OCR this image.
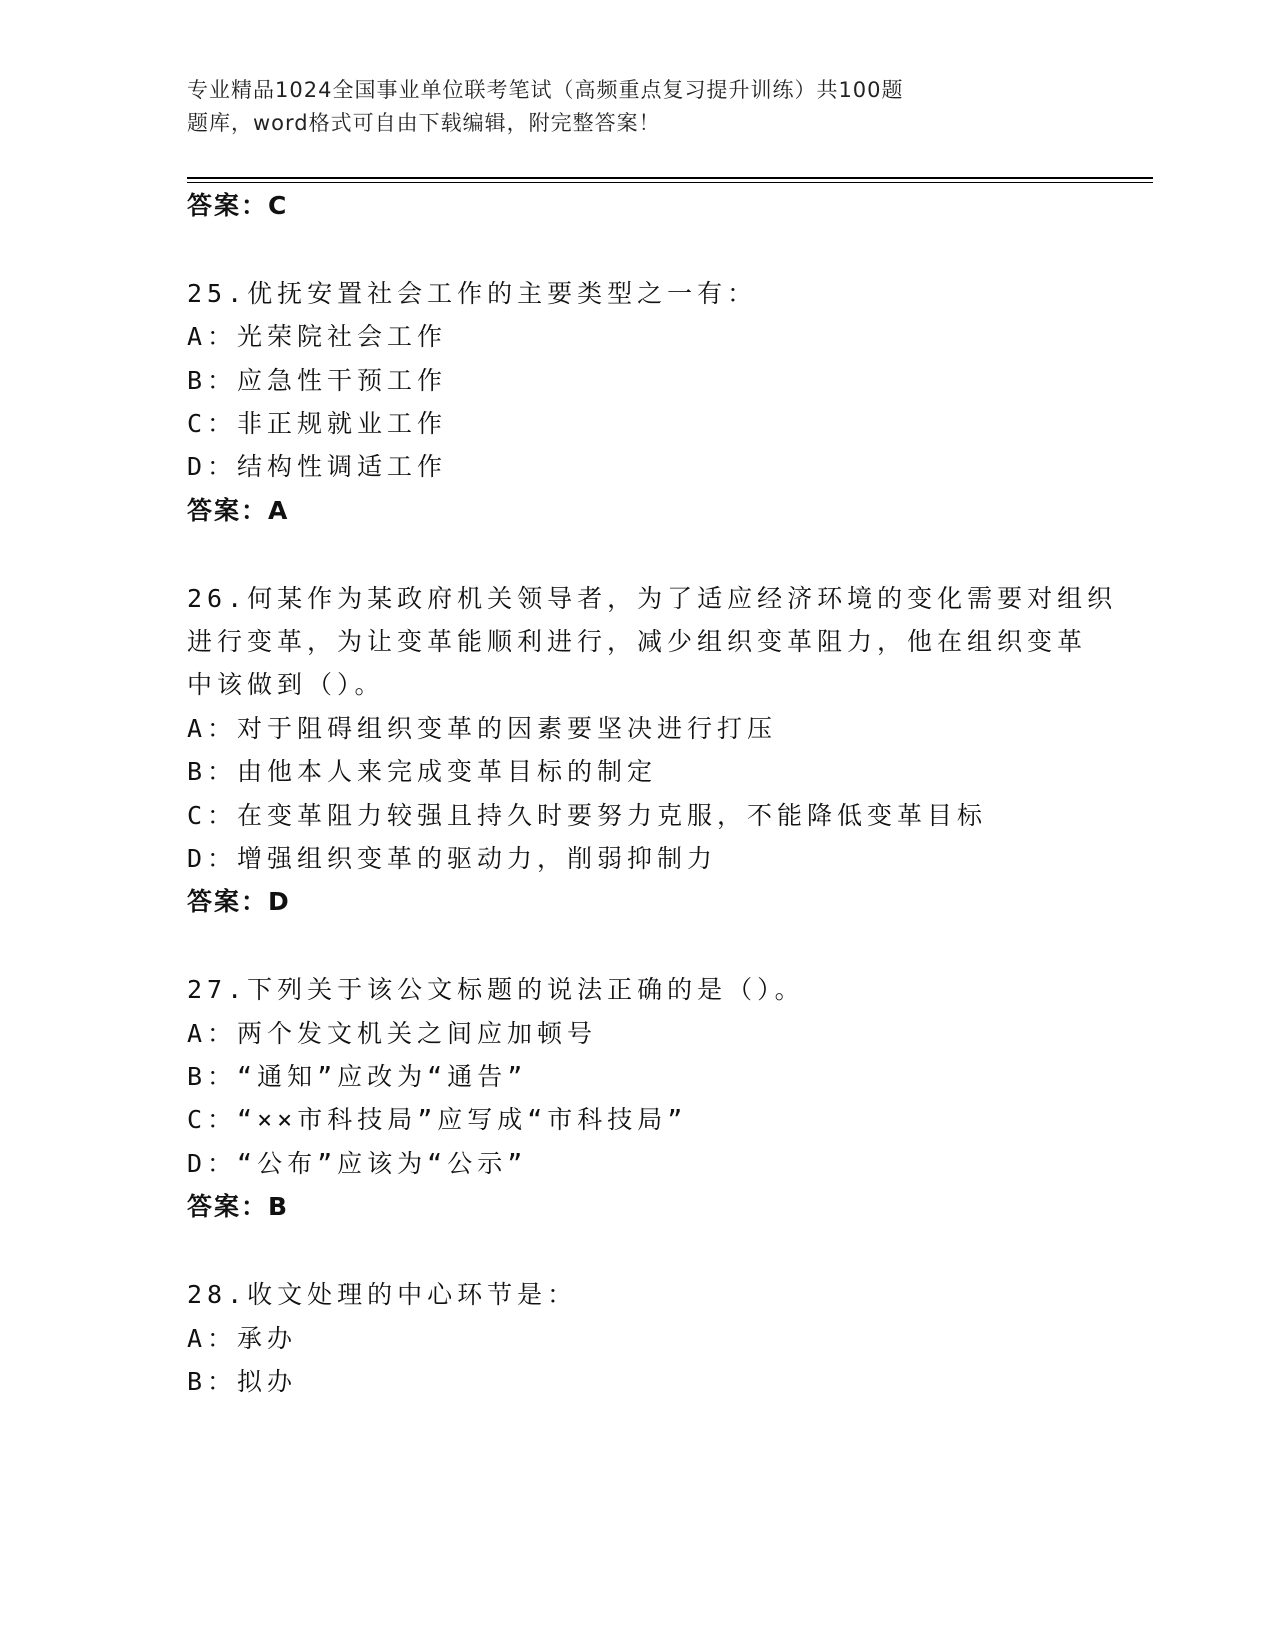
专业精品1024全国事业单位联考笔试（高频重点复习提升训练）共100题
题库，word格式可自由下载编辑，附完整答案！
答案：C
25.优抚安置社会工作的主要类型之一有：
A：光荣院社会工作
B：应急性干预工作
C：非正规就业工作
D：结构性调适工作
答案：A
26.何某作为某政府机关领导者，为了适应经济环境的变化需要对组织
进行变革，为让变革能顺利进行，减少组织变革阻力，他在组织变革
中该做到（）。
A：对于阻碍组织变革的因素要坚决进行打压
B：由他本人来完成变革目标的制定
C：在变革阻力较强且持久时要努力克服，不能降低变革目标
D：增强组织变革的驱动力，削弱抑制力
答案：D
27.下列关于该公文标题的说法正确的是（）。
A：两个发文机关之间应加顿号
B：“通知”应改为“通告”
C：“××市科技局”应写成“市科技局”
D：“公布”应该为“公示”
答案：B
28.收文处理的中心环节是：
A：承办
B：拟办
